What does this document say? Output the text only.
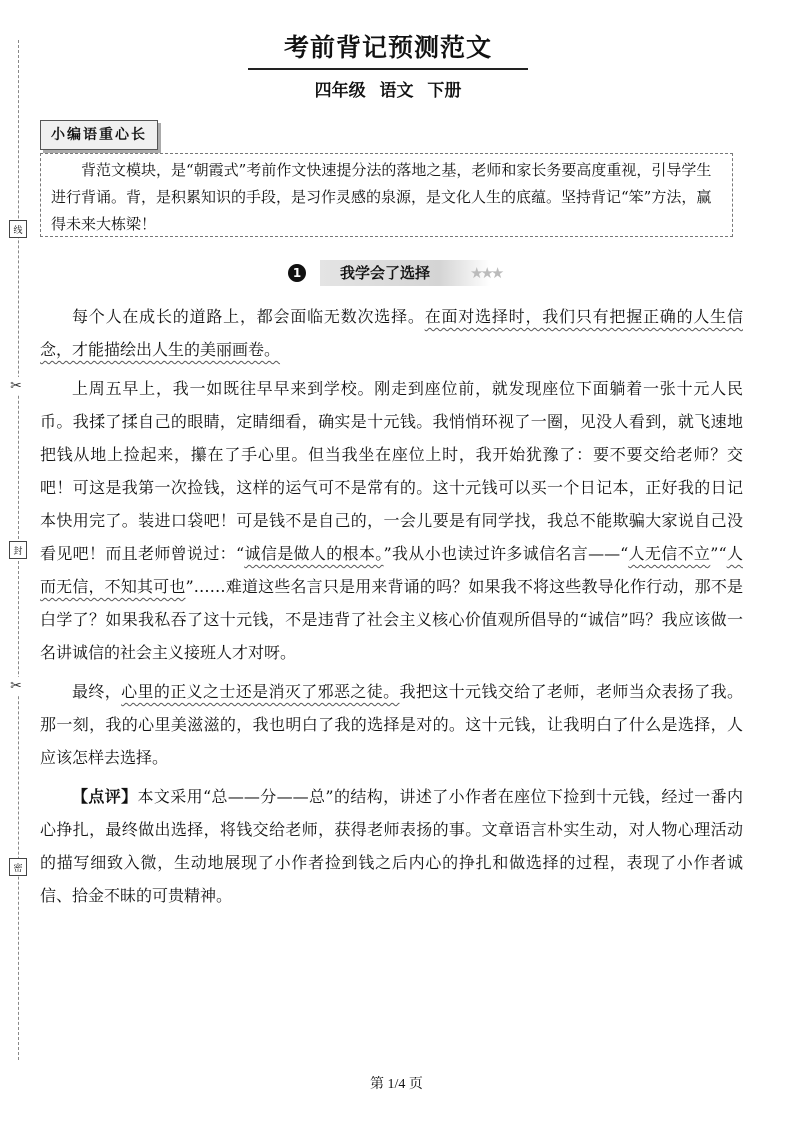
线
✂
封
✂
密
考前背记预测范文
四年级 语文 下册
小编语重心长

背范文模块，是“朝霞式”考前作文快速提分法的落地之基，老师和家长务要高度重视，引导学生进行背诵。背，是积累知识的手段，是习作灵感的泉源，是文化人生的底蕴。坚持背记“笨”方法，赢得未来大栋梁！

1	我学会了选择	★★★

每个人在成长的道路上，都会面临无数次选择。在面对选择时，我们只有把握正确的人生信念，才能描绘出人生的美丽画卷。

上周五早上，我一如既往早早来到学校。刚走到座位前，就发现座位下面躺着一张十元人民币。我揉了揉自己的眼睛，定睛细看，确实是十元钱。我悄悄环视了一圈，见没人看到，就飞速地把钱从地上捡起来，攥在了手心里。但当我坐在座位上时，我开始犹豫了：要不要交给老师？交吧！可这是我第一次捡钱，这样的运气可不是常有的。这十元钱可以买一个日记本，正好我的日记本快用完了。装进口袋吧！可是钱不是自己的，一会儿要是有同学找，我总不能欺骗大家说自己没看见吧！而且老师曾说过：“诚信是做人的根本。”我从小也读过许多诚信名言——“人无信不立”“人而无信，不知其可也”……难道这些名言只是用来背诵的吗？如果我不将这些教导化作行动，那不是白学了？如果我私吞了这十元钱，不是违背了社会主义核心价值观所倡导的“诚信”吗？我应该做一名讲诚信的社会主义接班人才对呀。

最终，心里的正义之士还是消灭了邪恶之徒。我把这十元钱交给了老师，老师当众表扬了我。那一刻，我的心里美滋滋的，我也明白了我的选择是对的。这十元钱，让我明白了什么是选择，人应该怎样去选择。

【点评】本文采用“总——分——总”的结构，讲述了小作者在座位下捡到十元钱，经过一番内心挣扎，最终做出选择，将钱交给老师，获得老师表扬的事。文章语言朴实生动，对人物心理活动的描写细致入微，生动地展现了小作者捡到钱之后内心的挣扎和做选择的过程，表现了小作者诚信、拾金不昧的可贵精神。

第 1/4 页
